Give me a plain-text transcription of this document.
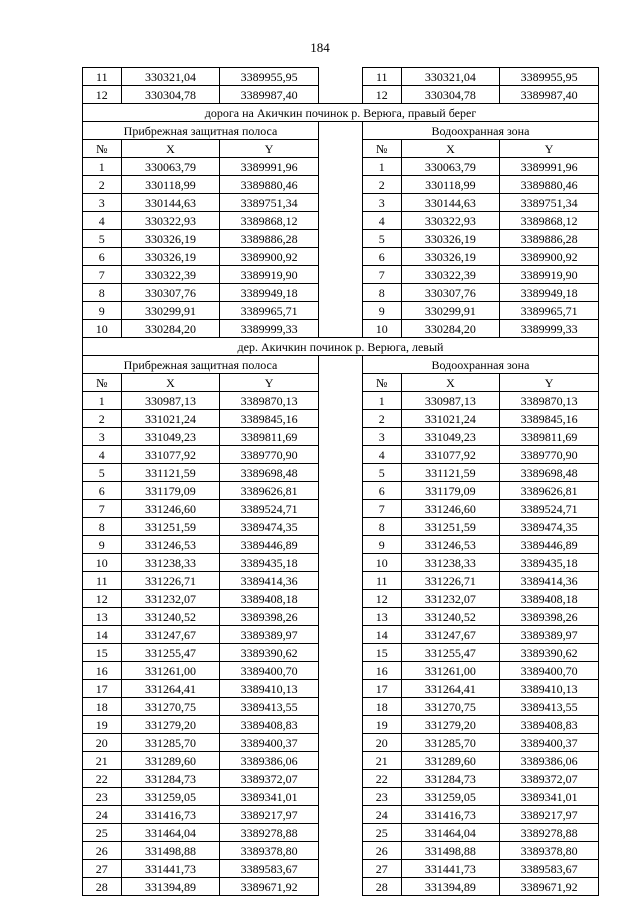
184
11	330321,04	3389955,95		11	330321,04	3389955,95
12	330304,78	3389987,40		12	330304,78	3389987,40
дорога на Акичкин починок р. Верюга, правый берег						
Прибрежная защитная полоса				Водоохранная зона		
№	X	Y		№	X	Y
1	330063,79	3389991,96		1	330063,79	3389991,96
2	330118,99	3389880,46		2	330118,99	3389880,46
3	330144,63	3389751,34		3	330144,63	3389751,34
4	330322,93	3389868,12		4	330322,93	3389868,12
5	330326,19	3389886,28		5	330326,19	3389886,28
6	330326,19	3389900,92		6	330326,19	3389900,92
7	330322,39	3389919,90		7	330322,39	3389919,90
8	330307,76	3389949,18		8	330307,76	3389949,18
9	330299,91	3389965,71		9	330299,91	3389965,71
10	330284,20	3389999,33		10	330284,20	3389999,33
дер. Акичкин починок р. Верюга, левый						
Прибрежная защитная полоса				Водоохранная зона		
№	X	Y		№	X	Y
1	330987,13	3389870,13		1	330987,13	3389870,13
2	331021,24	3389845,16		2	331021,24	3389845,16
3	331049,23	3389811,69		3	331049,23	3389811,69
4	331077,92	3389770,90		4	331077,92	3389770,90
5	331121,59	3389698,48		5	331121,59	3389698,48
6	331179,09	3389626,81		6	331179,09	3389626,81
7	331246,60	3389524,71		7	331246,60	3389524,71
8	331251,59	3389474,35		8	331251,59	3389474,35
9	331246,53	3389446,89		9	331246,53	3389446,89
10	331238,33	3389435,18		10	331238,33	3389435,18
11	331226,71	3389414,36		11	331226,71	3389414,36
12	331232,07	3389408,18		12	331232,07	3389408,18
13	331240,52	3389398,26		13	331240,52	3389398,26
14	331247,67	3389389,97		14	331247,67	3389389,97
15	331255,47	3389390,62		15	331255,47	3389390,62
16	331261,00	3389400,70		16	331261,00	3389400,70
17	331264,41	3389410,13		17	331264,41	3389410,13
18	331270,75	3389413,55		18	331270,75	3389413,55
19	331279,20	3389408,83		19	331279,20	3389408,83
20	331285,70	3389400,37		20	331285,70	3389400,37
21	331289,60	3389386,06		21	331289,60	3389386,06
22	331284,73	3389372,07		22	331284,73	3389372,07
23	331259,05	3389341,01		23	331259,05	3389341,01
24	331416,73	3389217,97		24	331416,73	3389217,97
25	331464,04	3389278,88		25	331464,04	3389278,88
26	331498,88	3389378,80		26	331498,88	3389378,80
27	331441,73	3389583,67		27	331441,73	3389583,67
28	331394,89	3389671,92		28	331394,89	3389671,92
